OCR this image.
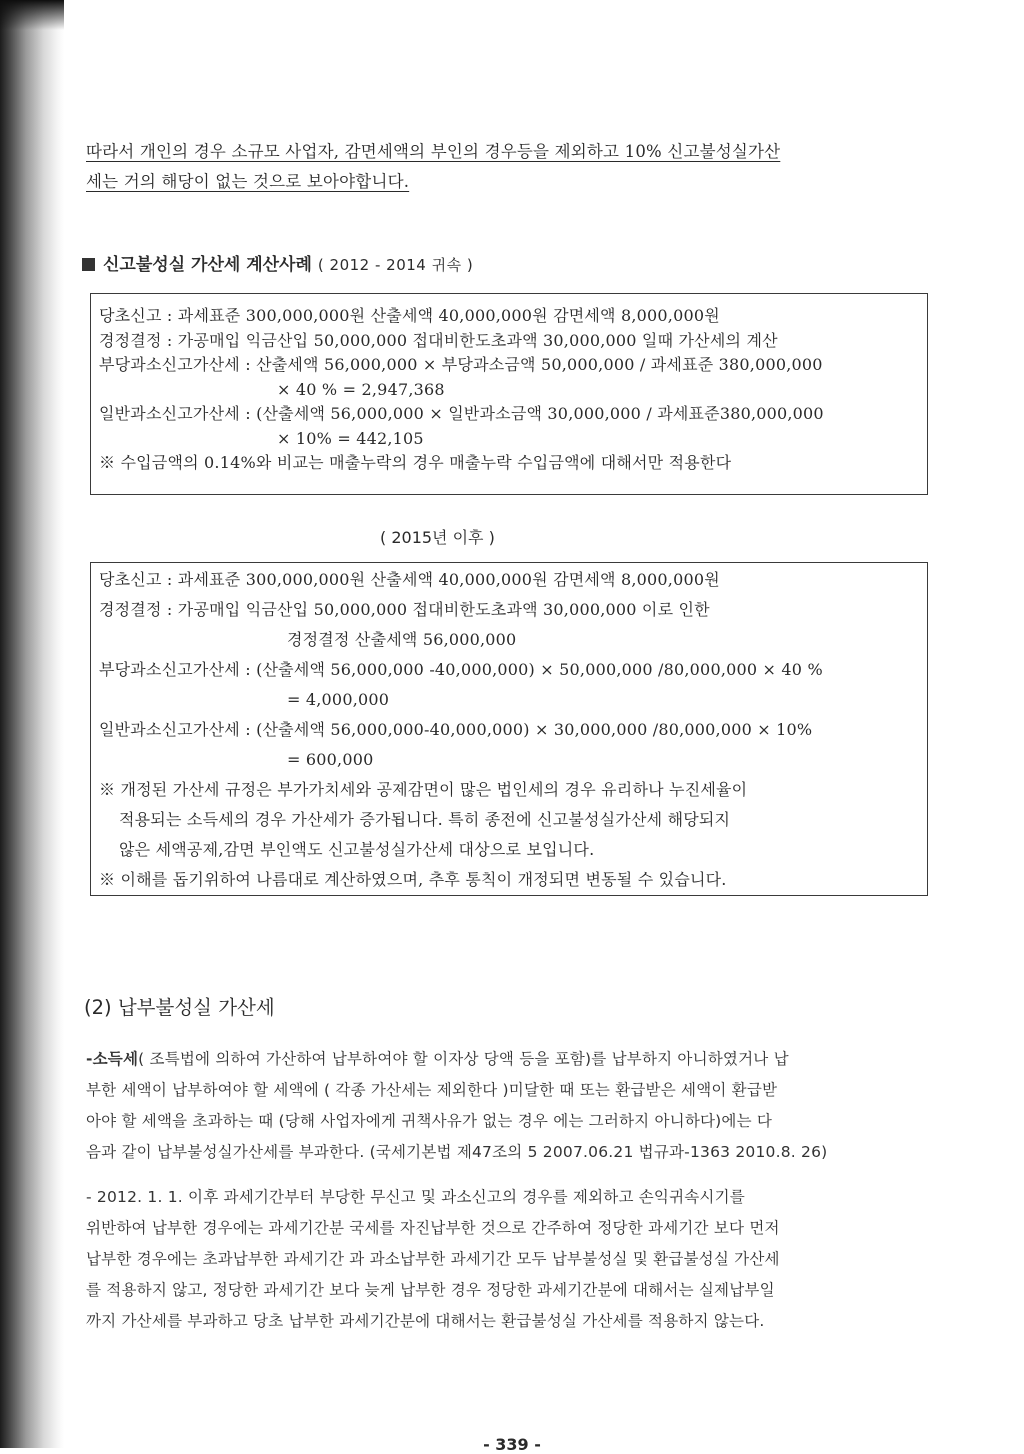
따라서 개인의 경우 소규모 사업자, 감면세액의 부인의 경우등을 제외하고 10% 신고불성실가산
세는 거의 해당이 없는 것으로 보아야합니다.
신고불성실 가산세 계산사례 ( 2012 - 2014 귀속 )
당초신고 : 과세표준 300,000,000원 산출세액 40,000,000원 감면세액 8,000,000원
경정결정 : 가공매입 익금산입 50,000,000 접대비한도초과액 30,000,000 일때 가산세의 계산
부당과소신고가산세 : 산출세액 56,000,000 × 부당과소금액 50,000,000 / 과세표준 380,000,000
× 40 % = 2,947,368
일반과소신고가산세 : (산출세액 56,000,000 × 일반과소금액 30,000,000 / 과세표준380,000,000
× 10% = 442,105
※ 수입금액의 0.14%와 비교는 매출누락의 경우 매출누락 수입금액에 대해서만 적용한다
( 2015년 이후 )
당초신고 : 과세표준 300,000,000원 산출세액 40,000,000원 감면세액 8,000,000원
경정결정 : 가공매입 익금산입 50,000,000 접대비한도초과액 30,000,000 이로 인한
경정결정 산출세액 56,000,000
부당과소신고가산세 : (산출세액 56,000,000 -40,000,000) × 50,000,000 /80,000,000 × 40 %
= 4,000,000
일반과소신고가산세 : (산출세액 56,000,000-40,000,000) × 30,000,000 /80,000,000 × 10%
= 600,000
※ 개정된 가산세 규정은 부가가치세와 공제감면이 많은 법인세의 경우 유리하나 누진세율이
적용되는 소득세의 경우 가산세가 증가됩니다. 특히 종전에 신고불성실가산세 해당되지
않은 세액공제,감면 부인액도 신고불성실가산세 대상으로 보입니다.
※ 이해를 돕기위하여 나름대로 계산하였으며, 추후 통칙이 개정되면 변동될 수 있습니다.
(2) 납부불성실 가산세
-소득세( 조특법에 의하여 가산하여 납부하여야 할 이자상 당액 등을 포함)를 납부하지 아니하였거나 납
부한 세액이 납부하여야 할 세액에 ( 각종 가산세는 제외한다 )미달한 때 또는 환급받은 세액이 환급받
아야 할 세액을 초과하는 때 (당해 사업자에게 귀책사유가 없는 경우 에는 그러하지 아니하다)에는 다
음과 같이 납부불성실가산세를 부과한다. (국세기본법 제47조의 5 2007.06.21 법규과-1363 2010.8. 26)
- 2012. 1. 1. 이후 과세기간부터 부당한 무신고 및 과소신고의 경우를 제외하고 손익귀속시기를
위반하여 납부한 경우에는 과세기간분 국세를 자진납부한 것으로 간주하여 정당한 과세기간 보다 먼저
납부한 경우에는 초과납부한 과세기간 과 과소납부한 과세기간 모두 납부불성실 및 환급불성실 가산세
를 적용하지 않고, 정당한 과세기간 보다 늦게 납부한 경우 정당한 과세기간분에 대해서는 실제납부일
까지 가산세를 부과하고 당초 납부한 과세기간분에 대해서는 환급불성실 가산세를 적용하지 않는다.
- 339 -
